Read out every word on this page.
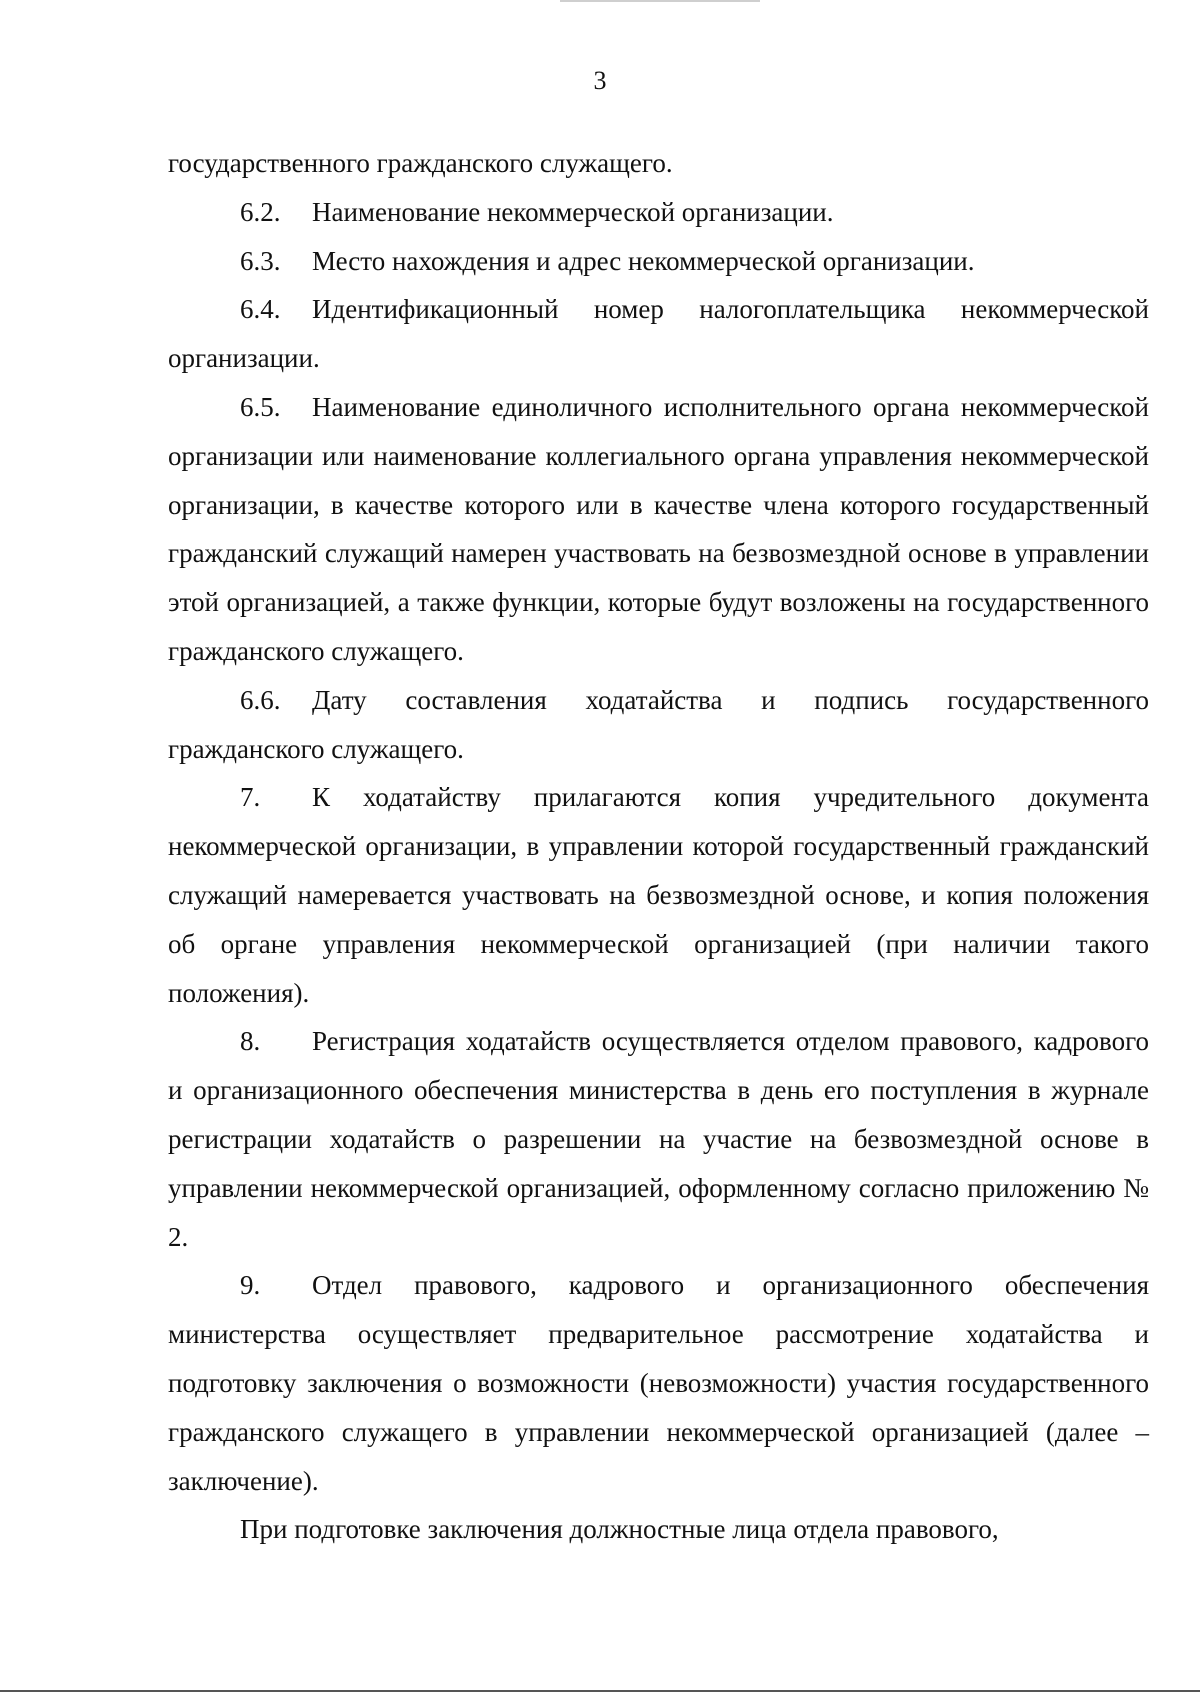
3

государственного гражданского служащего.

6.2. Наименование некоммерческой организации.

6.3. Место нахождения и адрес некоммерческой организации.

6.4. Идентификационный номер налогоплательщика некоммерческой организации.

6.5. Наименование единоличного исполнительного органа некоммерческой организации или наименование коллегиального органа управления некоммерческой организации, в качестве которого или в качестве члена которого государственный гражданский служащий намерен участвовать на безвозмездной основе в управлении этой организацией, а также функции, которые будут возложены на государственного гражданского служащего.

6.6. Дату составления ходатайства и подпись государственного гражданского служащего.

7. К ходатайству прилагаются копия учредительного документа некоммерческой организации, в управлении которой государственный гражданский служащий намеревается участвовать на безвозмездной основе, и копия положения об органе управления некоммерческой организацией (при наличии такого положения).

8. Регистрация ходатайств осуществляется отделом правового, кадрового и организационного обеспечения министерства в день его поступления в журнале регистрации ходатайств о разрешении на участие на безвозмездной основе в управлении некоммерческой организацией, оформленному согласно приложению № 2.

9. Отдел правового, кадрового и организационного обеспечения министерства осуществляет предварительное рассмотрение ходатайства и подготовку заключения о возможности (невозможности) участия государственного гражданского служащего в управлении некоммерческой организацией (далее – заключение).

При подготовке заключения должностные лица отдела правового,
